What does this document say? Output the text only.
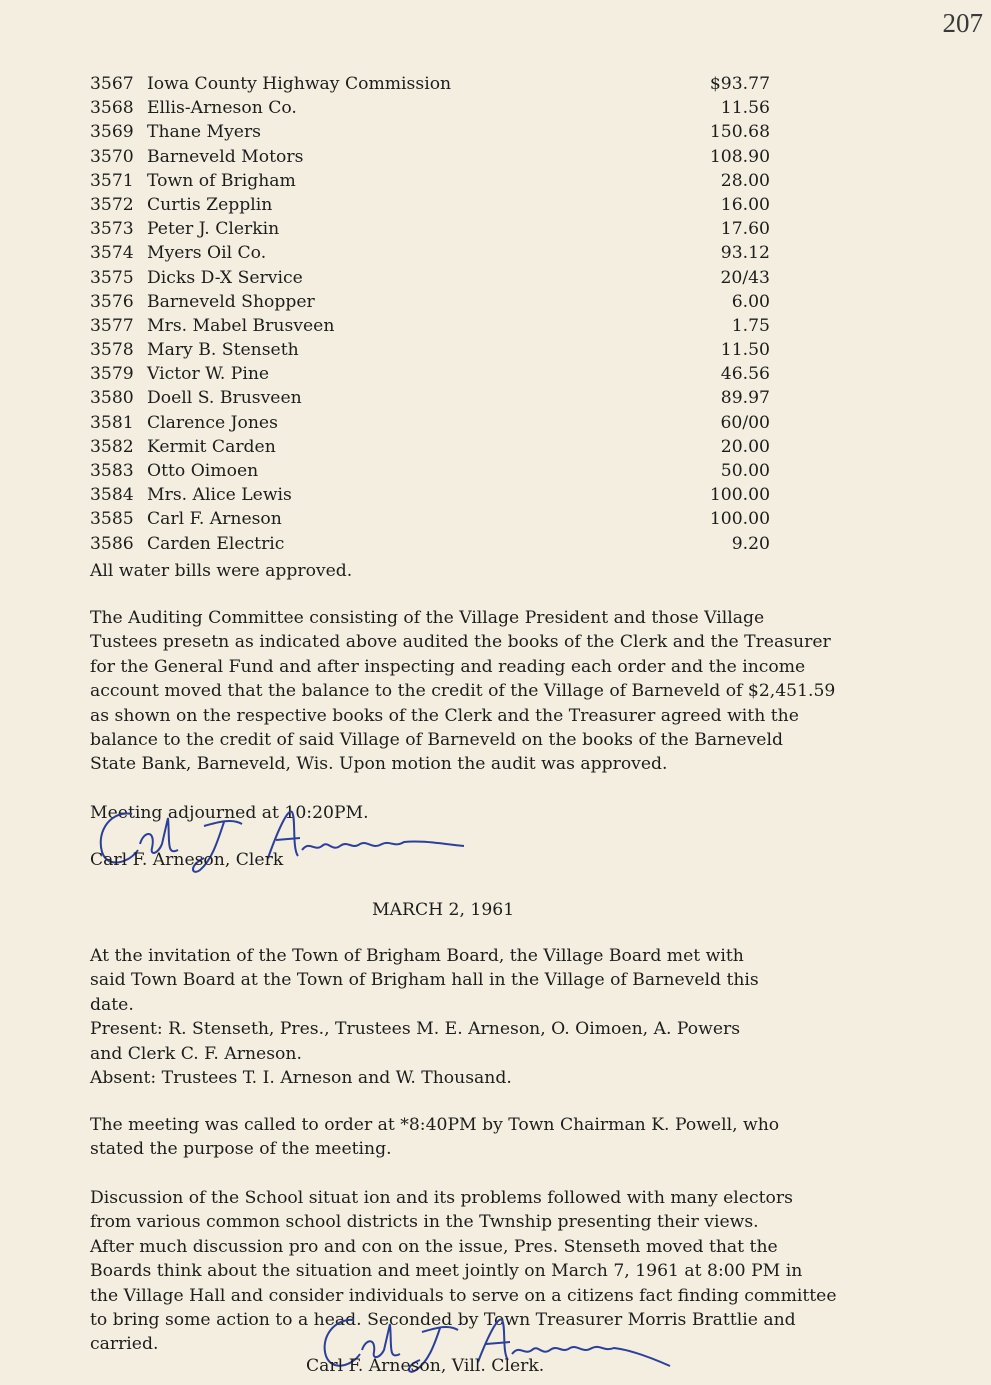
207
3567 Iowa County Highway Commission	$93.77
3568 Ellis-Arneson Co.	11.56
3569 Thane Myers	150.68
3570 Barneveld Motors	108.90
3571 Town of Brigham	28.00
3572 Curtis Zepplin	16.00
3573 Peter J. Clerkin	17.60
3574 Myers Oil Co.	93.12
3575 Dicks D-X Service	20/43
3576 Barneveld Shopper	6.00
3577 Mrs. Mabel Brusveen	1.75
3578 Mary B. Stenseth	11.50
3579 Victor W. Pine	46.56
3580 Doell S. Brusveen	89.97
3581 Clarence Jones	60/00
3582 Kermit Carden	20.00
3583 Otto Oimoen	50.00
3584 Mrs. Alice Lewis	100.00
3585 Carl F. Arneson	100.00
3586 Carden Electric	9.20
All water bills were approved.
The Auditing Committee consisting of the Village President and those Village
Tustees presetn as indicated above audited the books of the Clerk and the Treasurer
for the General Fund and after inspecting and reading each order and the income
account moved that the balance to the credit of the Village of Barneveld of $2,451.59
as shown on the respective books of the Clerk and the Treasurer agreed with the
balance to the credit of said Village of Barneveld on the books of the Barneveld
State Bank, Barneveld, Wis. Upon motion the audit was approved.
Meeting adjourned at 10:20PM.
Carl F. Arneson, Clerk
MARCH 2, 1961
At the invitation of the Town of Brigham Board, the Village Board met with
said Town Board at the Town of Brigham hall in the Village of Barneveld this
date.
Present: R. Stenseth, Pres., Trustees M. E. Arneson, O. Oimoen, A. Powers
and Clerk C. F. Arneson.
Absent: Trustees T. I. Arneson and W. Thousand.
The meeting was called to order at *8:40PM by Town Chairman K. Powell, who
stated the purpose of the meeting.
Discussion of the School situat ion and its problems followed with many electors
from various common school districts in the Twnship presenting their views.
After much discussion pro and con on the issue, Pres. Stenseth moved that the
Boards think about the situation and meet jointly on March 7, 1961 at 8:00 PM in
the Village Hall and consider individuals to serve on a citizens fact finding committee
to bring some action to a head. Seconded by Town Treasurer Morris Brattlie and
carried.
Carl F. Arneson, Vill. Clerk.
